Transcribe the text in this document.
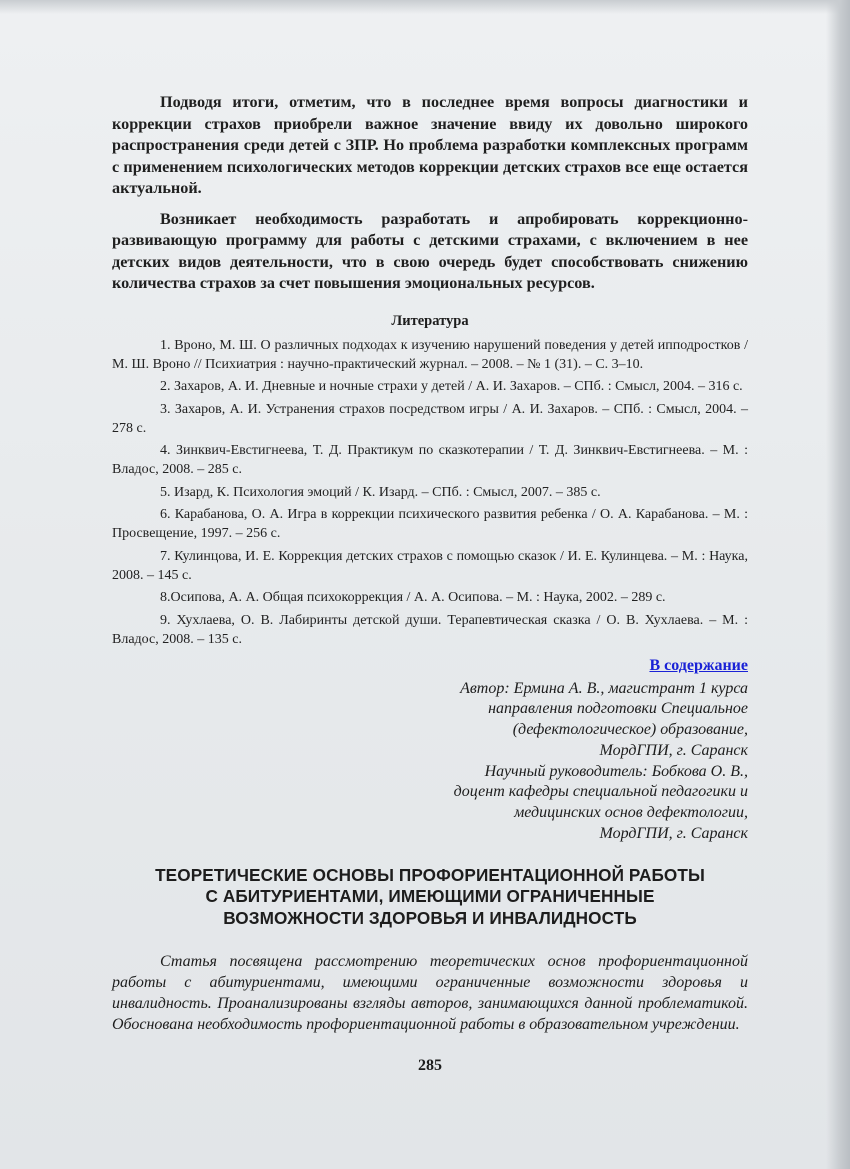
Подводя итоги, отметим, что в последнее время вопросы диагностики и коррекции страхов приобрели важное значение ввиду их довольно широкого распространения среди детей с ЗПР. Но проблема разработки комплексных программ с применением психологических методов коррекции детских страхов все еще остается актуальной.

Возникает необходимость разработать и апробировать коррекционно-развивающую программу для работы с детскими страхами, с включением в нее детских видов деятельности, что в свою очередь будет способствовать снижению количества страхов за счет повышения эмоциональных ресурсов.

Литература

1. Вроно, М. Ш. О различных подходах к изучению нарушений поведения у детей ипподростков / М. Ш. Вроно // Психиатрия : научно-практический журнал. – 2008. – № 1 (31). – С. 3–10.

2. Захаров, А. И. Дневные и ночные страхи у детей / А. И. Захаров. – СПб. : Смысл, 2004. – 316 с.

3. Захаров, А. И. Устранения страхов посредством игры / А. И. Захаров. – СПб. : Смысл, 2004. – 278 с.

4. Зинквич-Евстигнеева, Т. Д. Практикум по сказкотерапии / Т. Д. Зинквич-Евстигнеева. – М. : Владос, 2008. – 285 с.

5. Изард, К. Психология эмоций / К. Изард. – СПб. : Смысл, 2007. – 385 с.

6. Карабанова, О. А. Игра в коррекции психического развития ребенка / О. А. Карабанова. – М. : Просвещение, 1997. – 256 с.

7. Кулинцова, И. Е. Коррекция детских страхов с помощью сказок / И. Е. Кулинцева. – М. : Наука, 2008. – 145 с.

8.Осипова, А. А. Общая психокоррекция / А. А. Осипова. – М. : Наука, 2002. – 289 с.

9. Хухлаева, О. В. Лабиринты детской души. Терапевтическая сказка / О. В. Хухлаева. – М. : Владос, 2008. – 135 с.

В содержание

Автор: Ермина А. В., магистрант 1 курса

направления подготовки Специальное

(дефектологическое) образование,

МордГПИ, г. Саранск

Научный руководитель: Бобкова О. В.,

доцент кафедры специальной педагогики и

медицинских основ дефектологии,

МордГПИ, г. Саранск

ТЕОРЕТИЧЕСКИЕ ОСНОВЫ ПРОФОРИЕНТАЦИОННОЙ РАБОТЫ
С АБИТУРИЕНТАМИ, ИМЕЮЩИМИ ОГРАНИЧЕННЫЕ
ВОЗМОЖНОСТИ ЗДОРОВЬЯ И ИНВАЛИДНОСТЬ

Статья посвящена рассмотрению теоретических основ профориентационной работы с абитуриентами, имеющими ограниченные возможности здоровья и инвалидность. Проанализированы взгляды авторов, занимающихся данной проблематикой. Обоснована необходимость профориентационной работы в образовательном учреждении.

285
